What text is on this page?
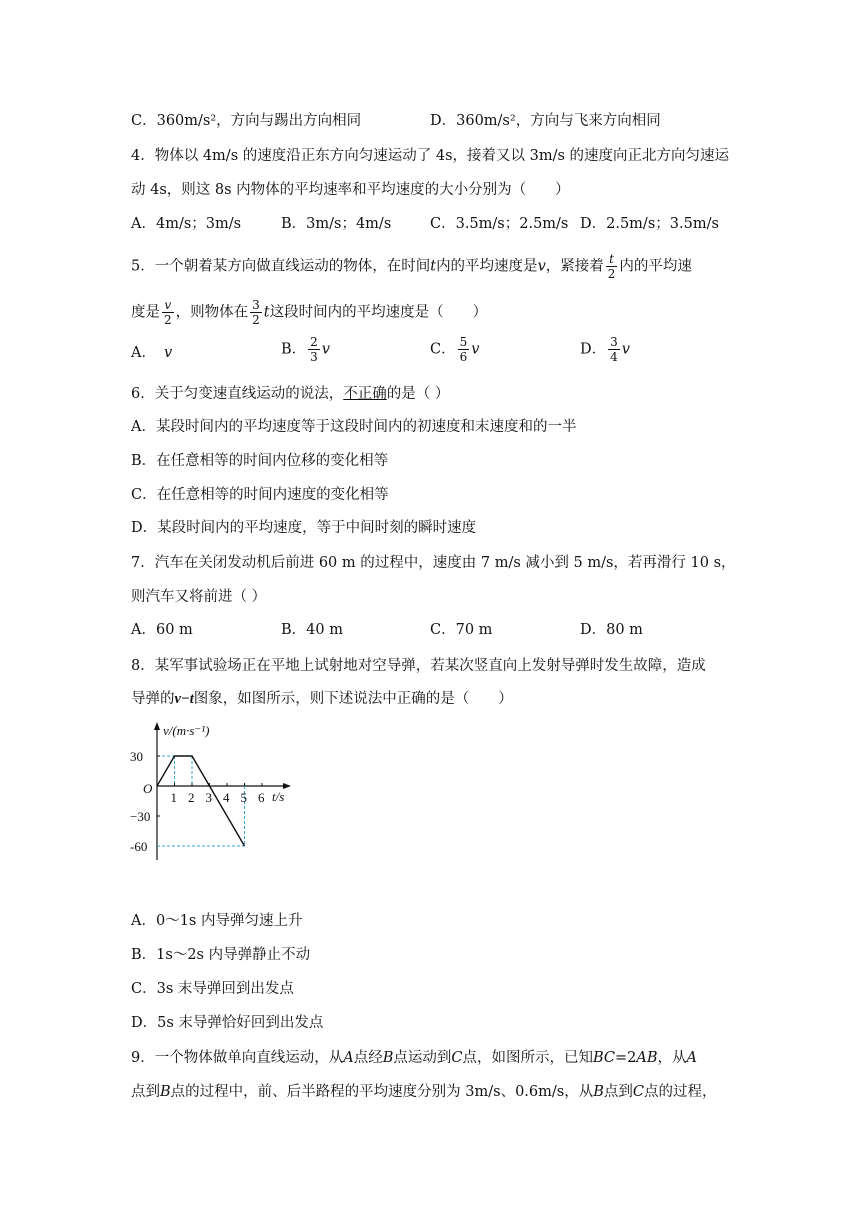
C．360m/s²，方向与踢出方向相同	D．360m/s²，方向与飞来方向相同
4．物体以 4m/s 的速度沿正东方向匀速运动了 4s，接着又以 3m/s 的速度向正北方向匀速运
动 4s，则这 8s 内物体的平均速率和平均速度的大小分别为（　　）
A．4m/s；3m/s	B．3m/s；4m/s	C．3.5m/s；2.5m/s D．2.5m/s；3.5m/s
5．一个朝着某方向做直线运动的物体，在时间t内的平均速度是v，紧接着 $\frac{t}{2}$ 内的平均速
度是 $\frac{v}{2}$ ，则物体在 $\frac{3}{2}$ t这段时间内的平均速度是（　　）
A． v	B． $\frac{2}{3}$ v	C． $\frac{5}{6}$ v	D． $\frac{3}{4}$ v
6．关于匀变速直线运动的说法，不正确的是（ ）
A．某段时间内的平均速度等于这段时间内的初速度和末速度和的一半
B．在任意相等的时间内位移的变化相等
C．在任意相等的时间内速度的变化相等
D．某段时间内的平均速度，等于中间时刻的瞬时速度
7．汽车在关闭发动机后前进 60 m 的过程中，速度由 7 m/s 减小到 5 m/s，若再滑行 10 s，
则汽车又将前进（ ）
A．60 m	B．40 m	C．70 m	D．80 m
8．某军事试验场正在平地上试射地对空导弹，若某次竖直向上发射导弹时发生故障，造成
导弹的v−t图象，如图所示，则下述说法中正确的是（　　）
v/(m·s⁻¹)
t/s
O
1 2 3 4 5 6
30
−30
-60
A．0～1s 内导弹匀速上升
B．1s～2s 内导弹静止不动
C．3s 末导弹回到出发点
D．5s 末导弹恰好回到出发点
9．一个物体做单向直线运动，从A点经B点运动到C点，如图所示，已知BC=2AB，从A
点到B点的过程中，前、后半路程的平均速度分别为 3m/s、0.6m/s，从B点到C点的过程，
